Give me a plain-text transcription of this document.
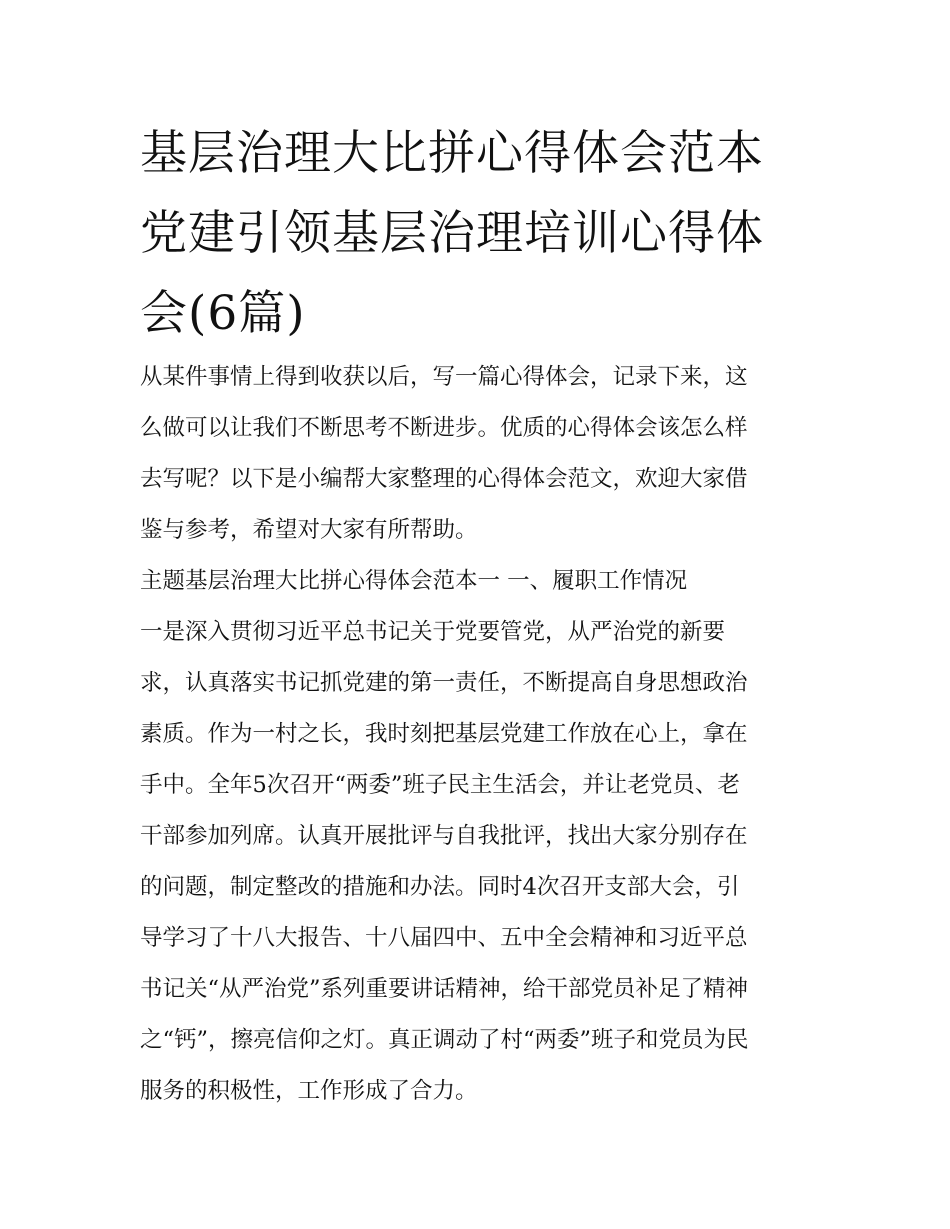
基层治理大比拼心得体会范本
党建引领基层治理培训心得体
会(6篇)
从某件事情上得到收获以后，写一篇心得体会，记录下来，这
么做可以让我们不断思考不断进步。优质的心得体会该怎么样
去写呢？以下是小编帮大家整理的心得体会范文，欢迎大家借
鉴与参考，希望对大家有所帮助。
主题基层治理大比拼心得体会范本一 一、履职工作情况
一是深入贯彻习近平总书记关于党要管党，从严治党的新要
求，认真落实书记抓党建的第一责任，不断提高自身思想政治
素质。作为一村之长，我时刻把基层党建工作放在心上，拿在
手中。全年5次召开“两委”班子民主生活会，并让老党员、老
干部参加列席。认真开展批评与自我批评，找出大家分别存在
的问题，制定整改的措施和办法。同时4次召开支部大会，引
导学习了十八大报告、十八届四中、五中全会精神和习近平总
书记关“从严治党”系列重要讲话精神，给干部党员补足了精神
之“钙”，擦亮信仰之灯。真正调动了村“两委”班子和党员为民
服务的积极性，工作形成了合力。
